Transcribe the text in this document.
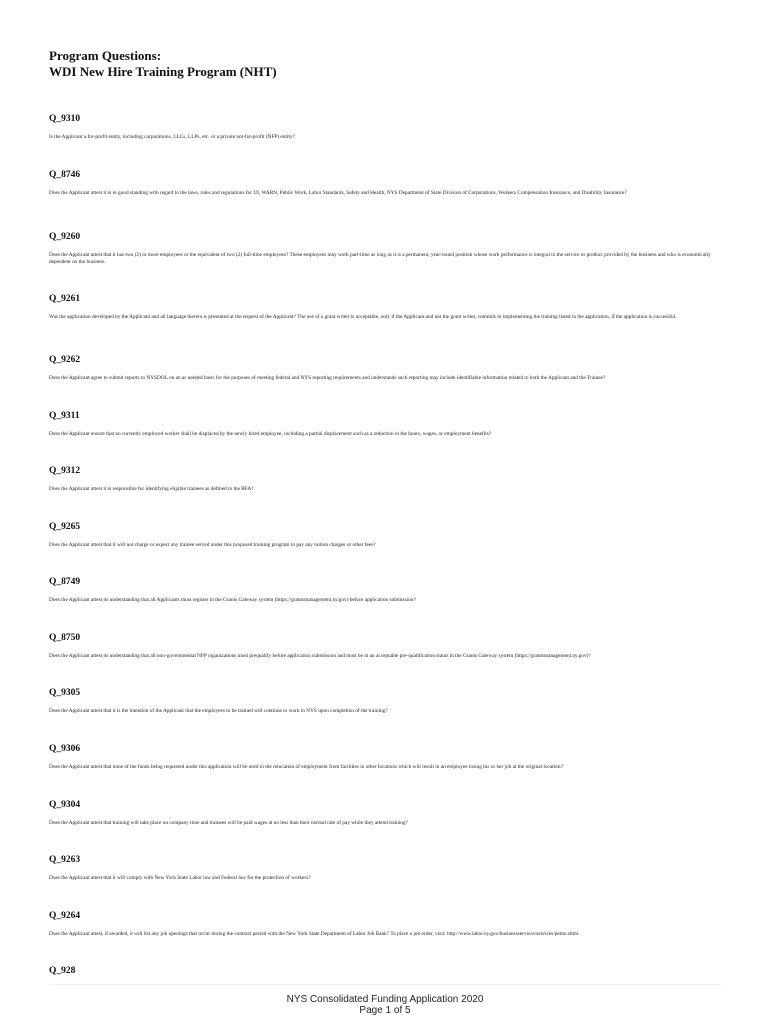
Program Questions:
WDI New Hire Training Program (NHT)

Q_9310

Is the Applicant a for-profit entity, including corporations, LLCs, LLPs, etc. or a private not-for-profit (NFP) entity?

Q_8746

Does the Applicant attest it is in good standing with regard to the laws, rules and regulations for UI, WARN, Public Work, Labor Standards, Safety and Health, NYS Department of State Division of Corporations, Workers Compensation Insurance, and Disability Insurance?

Q_9260

Does the Applicant attest that it has two (2) or more employees or the equivalent of two (2) full-time employees? These employees may work part-time as long as it is a permanent, year-round position whose work performance is integral to the service or product provided by the business and who is economically dependent on the business.

Q_9261

Was the application developed by the Applicant and all language therein is presented at the request of the Applicant? The use of a grant writer is acceptable, only if the Applicant and not the grant writer, commits to implementing the training listed in the application, if the application is successful.

Q_9262

Does the Applicant agree to submit reports to NYSDOL on an as needed basis for the purposes of meeting federal and NYS reporting requirements and understands such reporting may include identifiable information related to both the Applicant and the Trainee?

Q_9311

Does the Applicant ensure that no currently employed worker shall be displaced by the newly hired employee, including a partial displacement such as a reduction in the hours, wages, or employment benefits?

Q_9312

Does the Applicant attest it is responsible for identifying eligible trainees as defined in the RFA?

Q_9265

Does the Applicant attest that it will not charge or expect any trainee served under this proposed training program to pay any tuition charges or other fees?

Q_8749

Does the Applicant attest its understanding that all Applicants must register in the Grants Gateway system (https://grantsmanagement.ny.gov) before application submission?

Q_8750

Does the Applicant attest its understanding that all non-governmental NFP organizations must prequalify before application submission and must be in an acceptable pre-qualification status in the Grants Gateway system (https://grantsmanagement.ny.gov)?

Q_9305

Does the Applicant attest that it is the intention of the Applicant that the employees to be trained will continue to work in NYS upon completion of the training?

Q_9306

Does the Applicant attest that none of the funds being requested under this application will be used in the relocation of employment from facilities in other locations which will result in an employee losing his or her job at the original location?

Q_9304

Does the Applicant attest that training will take place on company time and trainees will be paid wages at no less than their normal rate of pay while they attend training?

Q_9263

Does the Applicant attest that it will comply with New York State Labor law and Federal law for the protection of workers?

Q_9264

Does the Applicant attest, if awarded, it will list any job openings that occur during the contract period with the New York State Department of Labor Job Bank? To place a job order, visit: http://www.labor.ny.gov/businessservices/services/pemo.shtm.

Q_928

NYS Consolidated Funding Application 2020
Page 1 of 5
